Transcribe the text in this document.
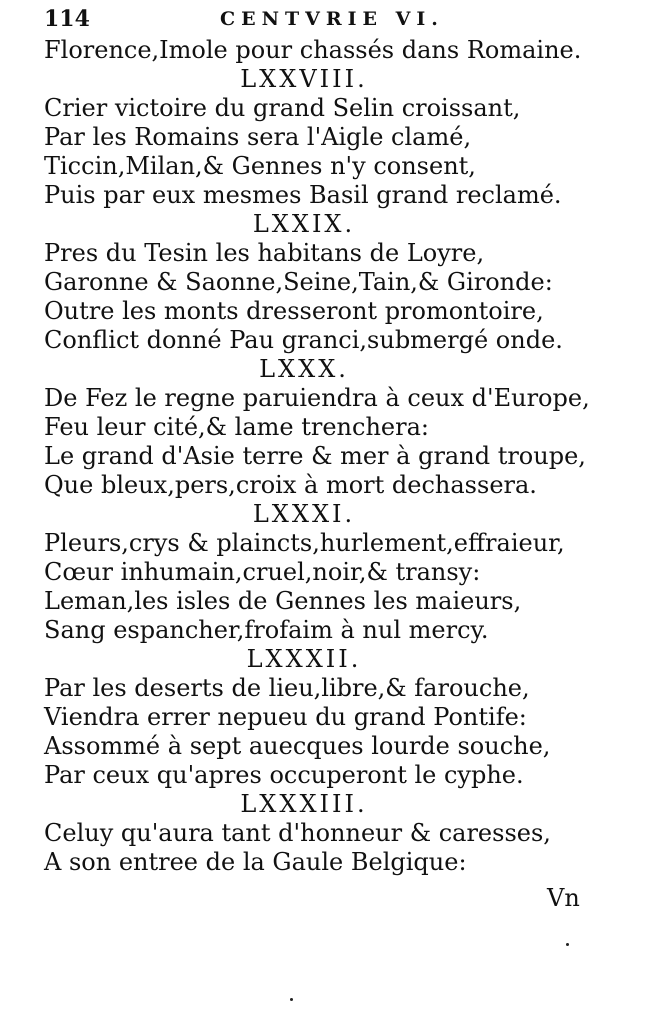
114	CENTVRIE VI.
Florence,Imole pour chassés dans Romaine.
LXXVIII.
Crier victoire du grand Selin croissant,
Par les Romains sera l'Aigle clamé,
Ticcin,Milan,& Gennes n'y consent,
Puis par eux mesmes Basil grand reclamé.
LXXIX.
Pres du Tesin les habitans de Loyre,
Garonne & Saonne,Seine,Tain,& Gironde:
Outre les monts dresseront promontoire,
Conflict donné Pau granci,submergé onde.
LXXX.
De Fez le regne paruiendra à ceux d'Europe,
Feu leur cité,& lame trenchera:
Le grand d'Asie terre & mer à grand troupe,
Que bleux,pers,croix à mort dechassera.
LXXXI.
Pleurs,crys & plaincts,hurlement,effraieur,
Cœur inhumain,cruel,noir,& transy:
Leman,les isles de Gennes les maieurs,
Sang espancher,frofaim à nul mercy.
LXXXII.
Par les deserts de lieu,libre,& farouche,
Viendra errer nepueu du grand Pontife:
Assommé à sept auecques lourde souche,
Par ceux qu'apres occuperont le cyphe.
LXXXIII.
Celuy qu'aura tant d'honneur & caresses,
A son entree de la Gaule Belgique:
Vn
